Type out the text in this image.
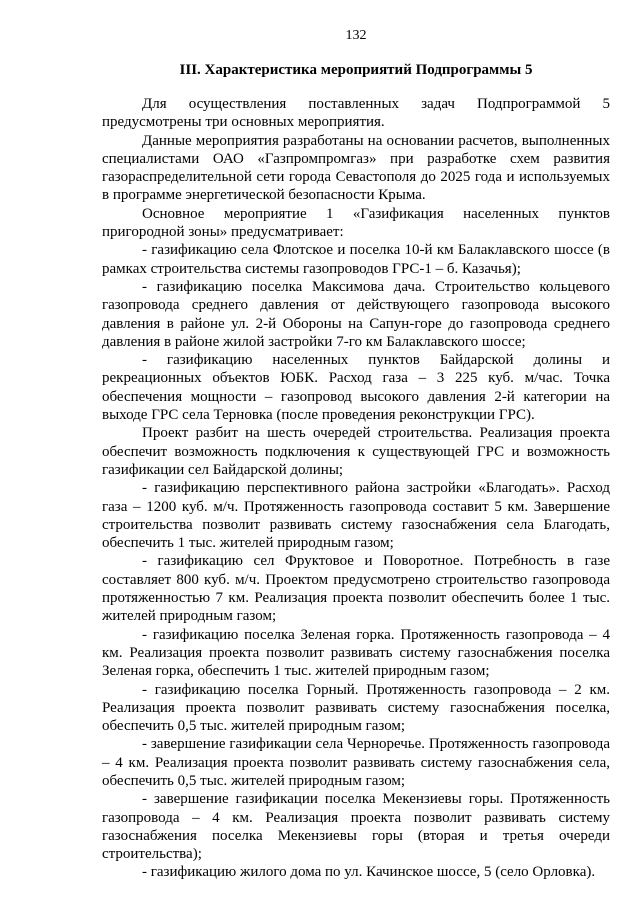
132
III. Характеристика мероприятий Подпрограммы 5

Для осуществления поставленных задач Подпрограммой 5 предусмотрены три основных мероприятия.

Данные мероприятия разработаны на основании расчетов, выполненных специалистами ОАО «Газпромпромгаз» при разработке схем развития газораспределительной сети города Севастополя до 2025 года и используемых в программе энергетической безопасности Крыма.

Основное мероприятие 1 «Газификация населенных пунктов пригородной зоны» предусматривает:

- газификацию села Флотское и поселка 10-й км Балаклавского шоссе (в рамках строительства системы газопроводов ГРС-1 – б. Казачья);

- газификацию поселка Максимова дача. Строительство кольцевого газопровода среднего давления от действующего газопровода высокого давления в районе ул. 2-й Обороны на Сапун-горе до газопровода среднего давления в районе жилой застройки 7-го км Балаклавского шоссе;

- газификацию населенных пунктов Байдарской долины и рекреационных объектов ЮБК. Расход газа – 3 225 куб. м/час. Точка обеспечения мощности – газопровод высокого давления 2-й категории на выходе ГРС села Терновка (после проведения реконструкции ГРС).

Проект разбит на шесть очередей строительства. Реализация проекта обеспечит возможность подключения к существующей ГРС и возможность газификации сел Байдарской долины;

- газификацию перспективного района застройки «Благодать». Расход газа – 1200 куб. м/ч. Протяженность газопровода составит 5 км. Завершение строительства позволит развивать систему газоснабжения села Благодать, обеспечить 1 тыс. жителей природным газом;

- газификацию сел Фруктовое и Поворотное. Потребность в газе составляет 800 куб. м/ч. Проектом предусмотрено строительство газопровода протяженностью 7 км. Реализация проекта позволит обеспечить более 1 тыс. жителей природным газом;

- газификацию поселка Зеленая горка. Протяженность газопровода – 4 км. Реализация проекта позволит развивать систему газоснабжения поселка Зеленая горка, обеспечить 1 тыс. жителей природным газом;

- газификацию поселка Горный. Протяженность газопровода – 2 км. Реализация проекта позволит развивать систему газоснабжения поселка, обеспечить 0,5 тыс. жителей природным газом;

- завершение газификации села Черноречье. Протяженность газопровода – 4 км. Реализация проекта позволит развивать систему газоснабжения села, обеспечить 0,5 тыс. жителей природным газом;

- завершение газификации поселка Мекензиевы горы. Протяженность газопровода – 4 км. Реализация проекта позволит развивать систему газоснабжения поселка Мекензиевы горы (вторая и третья очереди строительства);

- газификацию жилого дома по ул. Качинское шоссе, 5 (село Орловка).
